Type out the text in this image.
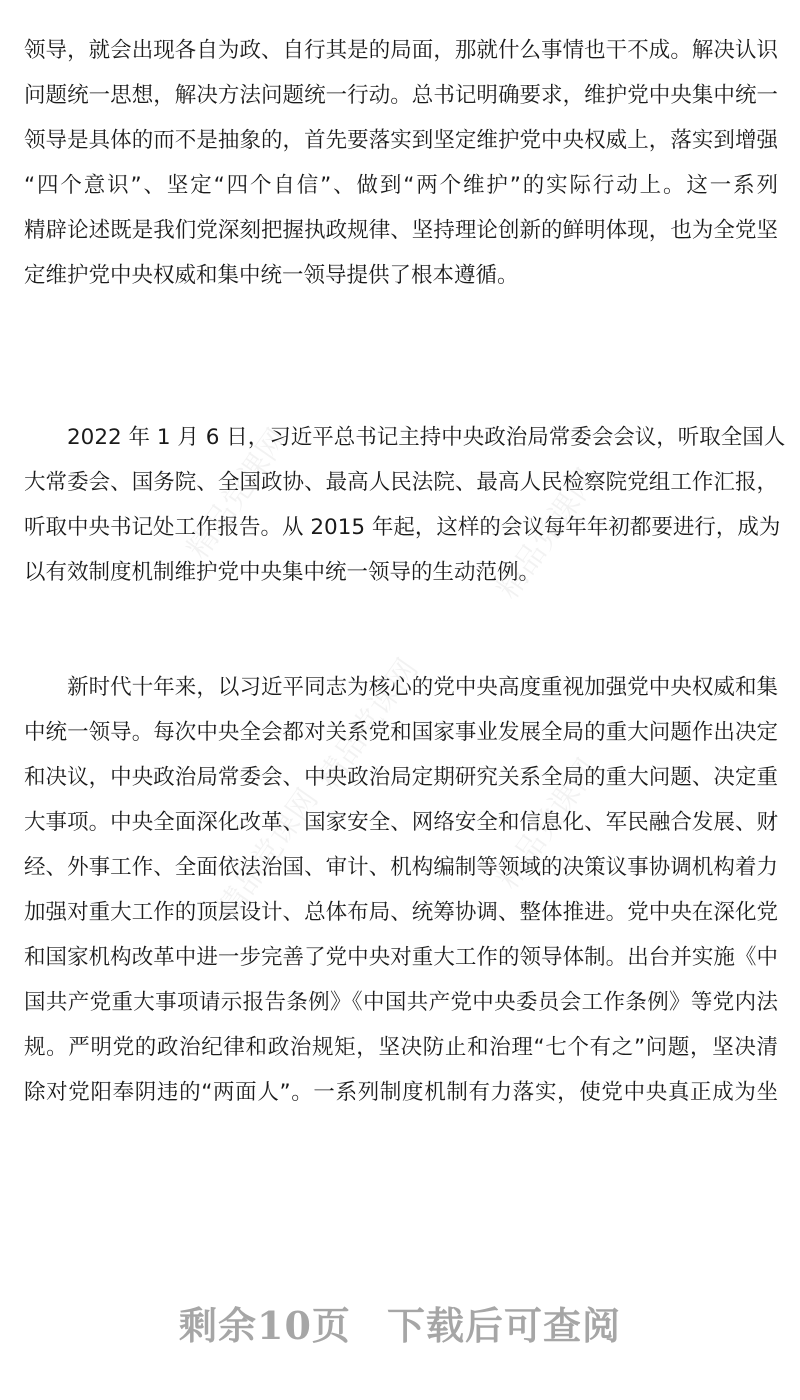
精品党课网	精品党课网
精品党课网
精品党课网	精品党课网
领导，就会出现各自为政、自行其是的局面，那就什么事情也干不成。解决认识
问题统一思想，解决方法问题统一行动。总书记明确要求，维护党中央集中统一
领导是具体的而不是抽象的，首先要落实到坚定维护党中央权威上，落实到增强
“四个意识”、坚定“四个自信”、做到“两个维护”的实际行动上。这一系列
精辟论述既是我们党深刻把握执政规律、坚持理论创新的鲜明体现，也为全党坚
定维护党中央权威和集中统一领导提供了根本遵循。
　　2022 年 1 月 6 日，习近平总书记主持中央政治局常委会会议，听取全国人
大常委会、国务院、全国政协、最高人民法院、最高人民检察院党组工作汇报，
听取中央书记处工作报告。从 2015 年起，这样的会议每年年初都要进行，成为
以有效制度机制维护党中央集中统一领导的生动范例。
　　新时代十年来，以习近平同志为核心的党中央高度重视加强党中央权威和集
中统一领导。每次中央全会都对关系党和国家事业发展全局的重大问题作出决定
和决议，中央政治局常委会、中央政治局定期研究关系全局的重大问题、决定重
大事项。中央全面深化改革、国家安全、网络安全和信息化、军民融合发展、财
经、外事工作、全面依法治国、审计、机构编制等领域的决策议事协调机构着力
加强对重大工作的顶层设计、总体布局、统筹协调、整体推进。党中央在深化党
和国家机构改革中进一步完善了党中央对重大工作的领导体制。出台并实施《中
国共产党重大事项请示报告条例》《中国共产党中央委员会工作条例》等党内法
规。严明党的政治纪律和政治规矩，坚决防止和治理“七个有之”问题，坚决清
除对党阳奉阴违的“两面人”。一系列制度机制有力落实，使党中央真正成为坐
剩余10页 下载后可查阅
